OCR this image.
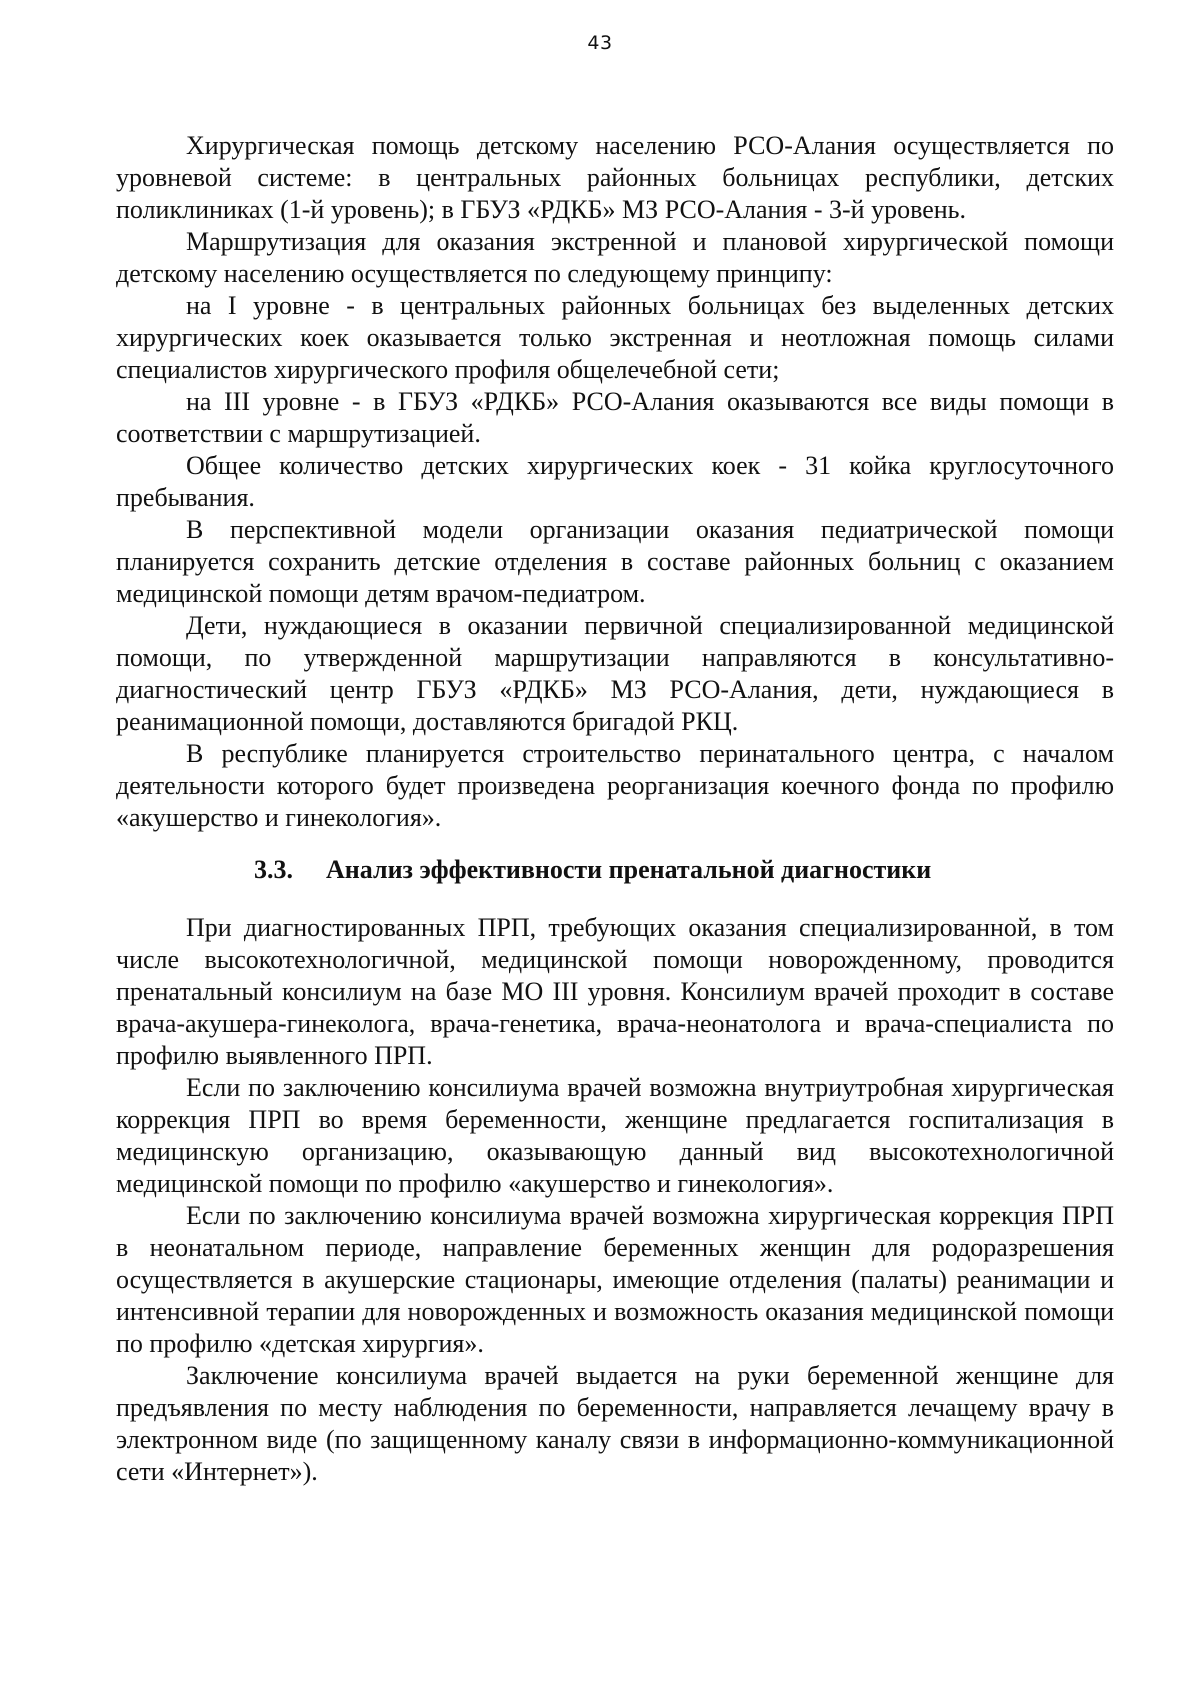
43

Хирургическая помощь детскому населению РСО-Алания осуществляется по уровневой системе: в центральных районных больницах республики, детских поликлиниках (1-й уровень); в ГБУЗ «РДКБ» МЗ РСО-Алания - 3-й уровень.

Маршрутизация для оказания экстренной и плановой хирургической помощи детскому населению осуществляется по следующему принципу:

на I уровне - в центральных районных больницах без выделенных детских хирургических коек оказывается только экстренная и неотложная помощь силами специалистов хирургического профиля общелечебной сети;

на III уровне - в ГБУЗ «РДКБ» РСО-Алания оказываются все виды помощи в соответствии с маршрутизацией.

Общее количество детских хирургических коек - 31 койка круглосуточного пребывания.

В перспективной модели организации оказания педиатрической помощи планируется сохранить детские отделения в составе районных больниц с оказанием медицинской помощи детям врачом-педиатром.

Дети, нуждающиеся в оказании первичной специализированной медицинской помощи, по утвержденной маршрутизации направляются в консультативно-диагностический центр ГБУЗ «РДКБ» МЗ РСО-Алания, дети, нуждающиеся в реанимационной помощи, доставляются бригадой РКЦ.

В республике планируется строительство перинатального центра, с началом деятельности которого будет произведена реорганизация коечного фонда по профилю «акушерство и гинекология».

3.3. Анализ эффективности пренатальной диагностики

При диагностированных ПРП, требующих оказания специализированной, в том числе высокотехнологичной, медицинской помощи новорожденному, проводится пренатальный консилиум на базе МО III уровня. Консилиум врачей проходит в составе врача-акушера-гинеколога, врача-генетика, врача-неонатолога и врача-специалиста по профилю выявленного ПРП.

Если по заключению консилиума врачей возможна внутриутробная хирургическая коррекция ПРП во время беременности, женщине предлагается госпитализация в медицинскую организацию, оказывающую данный вид высокотехнологичной медицинской помощи по профилю «акушерство и гинекология».

Если по заключению консилиума врачей возможна хирургическая коррекция ПРП в неонатальном периоде, направление беременных женщин для родоразрешения осуществляется в акушерские стационары, имеющие отделения (палаты) реанимации и интенсивной терапии для новорожденных и возможность оказания медицинской помощи по профилю «детская хирургия».

Заключение консилиума врачей выдается на руки беременной женщине для предъявления по месту наблюдения по беременности, направляется лечащему врачу в электронном виде (по защищенному каналу связи в информационно-коммуникационной сети «Интернет»).
